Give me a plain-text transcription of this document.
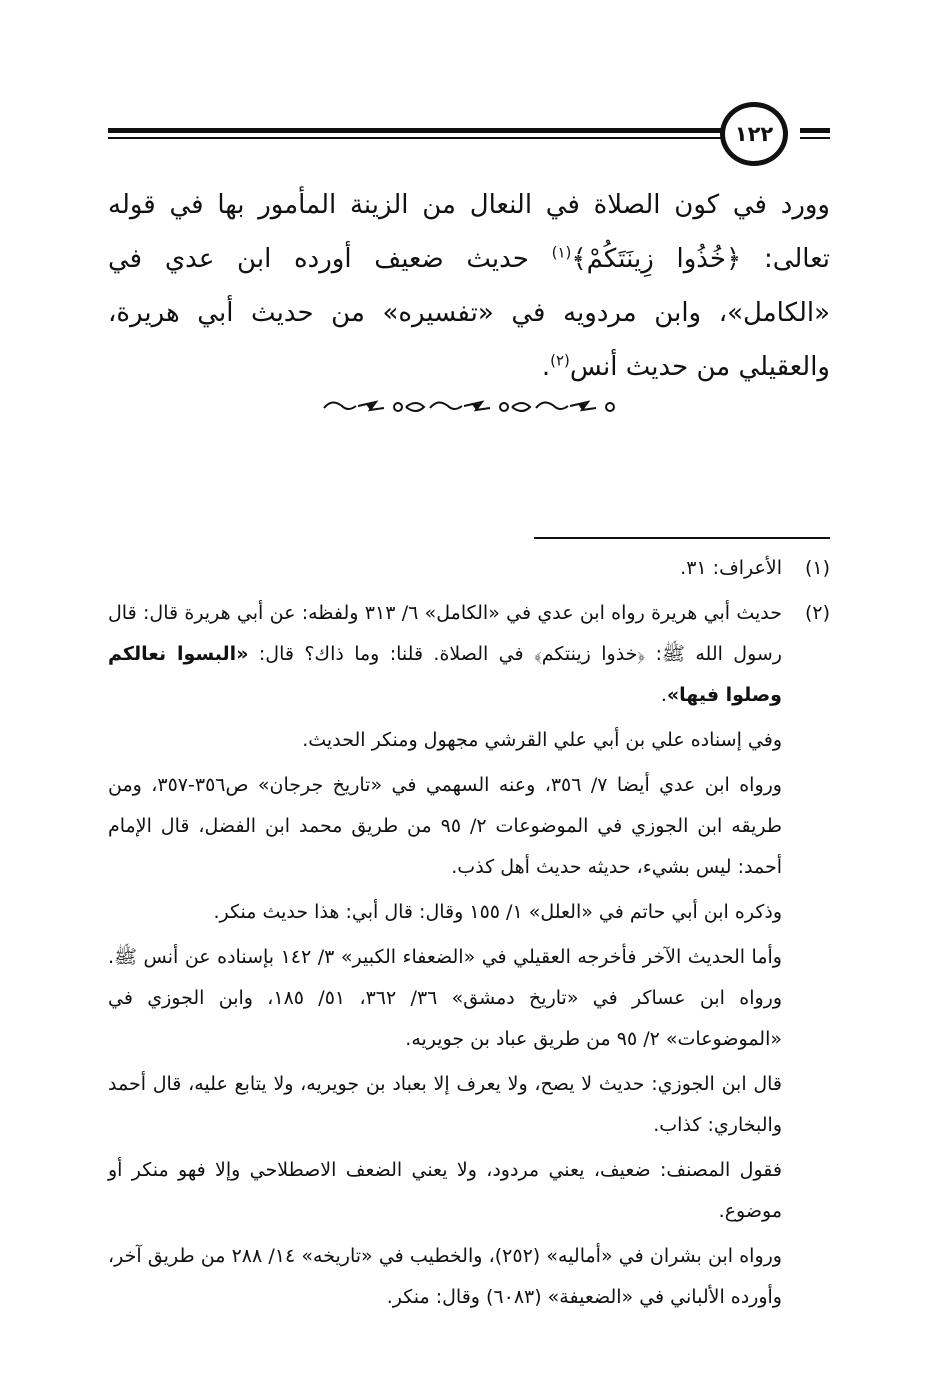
١٢٢

وورد في كون الصلاة في النعال من الزينة المأمور بها في قوله تعالى: ﴿خُذُوا زِينَتَكُمْ﴾$^{(١)}$ حديث ضعيف أورده ابن عدي في «الكامل»، وابن مردويه في «تفسيره» من حديث أبي هريرة، والعقيلي من حديث أنس$^{(٢)}$.

(١)

الأعراف: ٣١.

(٢)

حديث أبي هريرة رواه ابن عدي في «الكامل» ٦/ ٣١٣ ولفظه: عن أبي هريرة قال: قال رسول الله ﷺ: ﴿خذوا زينتكم﴾ في الصلاة. قلنا: وما ذاك؟ قال: «البسوا نعالكم وصلوا فيها».

وفي إسناده علي بن أبي علي القرشي مجهول ومنكر الحديث.

ورواه ابن عدي أيضا ٧/ ٣٥٦، وعنه السهمي في «تاريخ جرجان» ص٣٥٦-٣٥٧، ومن طريقه ابن الجوزي في الموضوعات ٢/ ٩٥ من طريق محمد ابن الفضل، قال الإمام أحمد: ليس بشيء، حديثه حديث أهل كذب.

وذكره ابن أبي حاتم في «العلل» ١/ ١٥٥ وقال: قال أبي: هذا حديث منكر.

وأما الحديث الآخر فأخرجه العقيلي في «الضعفاء الكبير» ٣/ ١٤٢ بإسناده عن أنس ﷺ. ورواه ابن عساكر في «تاريخ دمشق» ٣٦/ ٣٦٢، ٥١/ ١٨٥، وابن الجوزي في «الموضوعات» ٢/ ٩٥ من طريق عباد بن جويريه.

قال ابن الجوزي: حديث لا يصح، ولا يعرف إلا بعباد بن جويريه، ولا يتابع عليه، قال أحمد والبخاري: كذاب.

فقول المصنف: ضعيف، يعني مردود، ولا يعني الضعف الاصطلاحي وإلا فهو منكر أو موضوع.

ورواه ابن بشران في «أماليه» (٢٥٢)، والخطيب في «تاريخه» ١٤/ ٢٨٨ من طريق آخر، وأورده الألباني في «الضعيفة» (٦٠٨٣) وقال: منكر.
